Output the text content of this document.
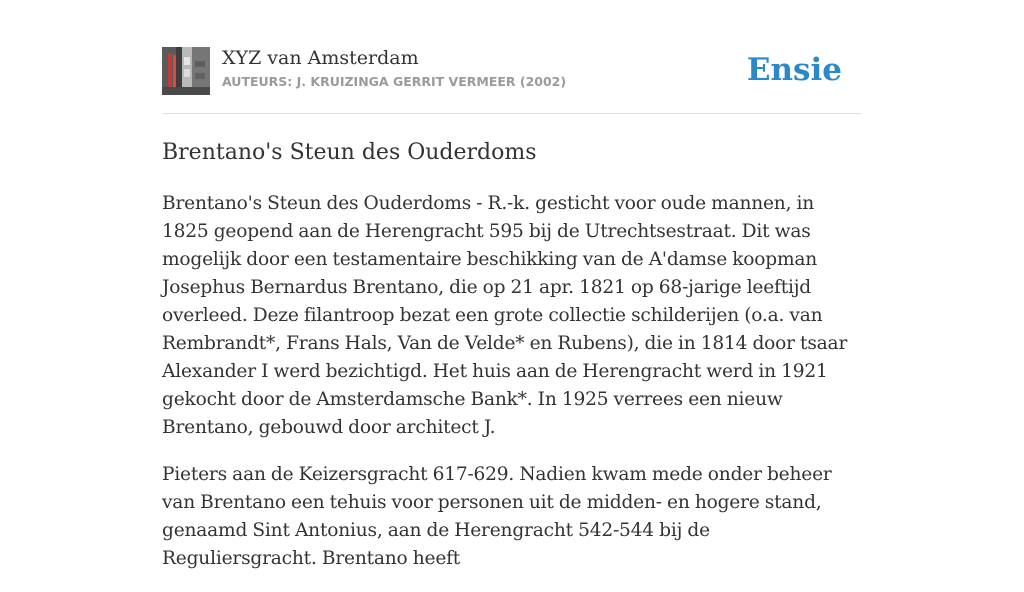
XYZ van Amsterdam
AUTEURS: J. KRUIZINGA GERRIT VERMEER (2002)	Ensie
Brentano's Steun des Ouderdoms

Brentano's Steun des Ouderdoms - R.-k. gesticht voor oude mannen, in 1825 geopend aan de Herengracht 595 bij de Utrechtsestraat. Dit was mogelijk door een testamentaire beschikking van de A'damse koopman Josephus Bernardus Brentano, die op 21 apr. 1821 op 68-jarige leeftijd overleed. Deze filantroop bezat een grote collectie schilderijen (o.a. van Rembrandt*, Frans Hals, Van de Velde* en Rubens), die in 1814 door tsaar Alexander I werd bezichtigd. Het huis aan de Herengracht werd in 1921 gekocht door de Amsterdamsche Bank*. In 1925 verrees een nieuw Brentano, gebouwd door architect J.

Pieters aan de Keizersgracht 617-629. Nadien kwam mede onder beheer van Brentano een tehuis voor personen uit de midden- en hogere stand, genaamd Sint Antonius, aan de Herengracht 542-544 bij de Reguliersgracht. Brentano heeft
